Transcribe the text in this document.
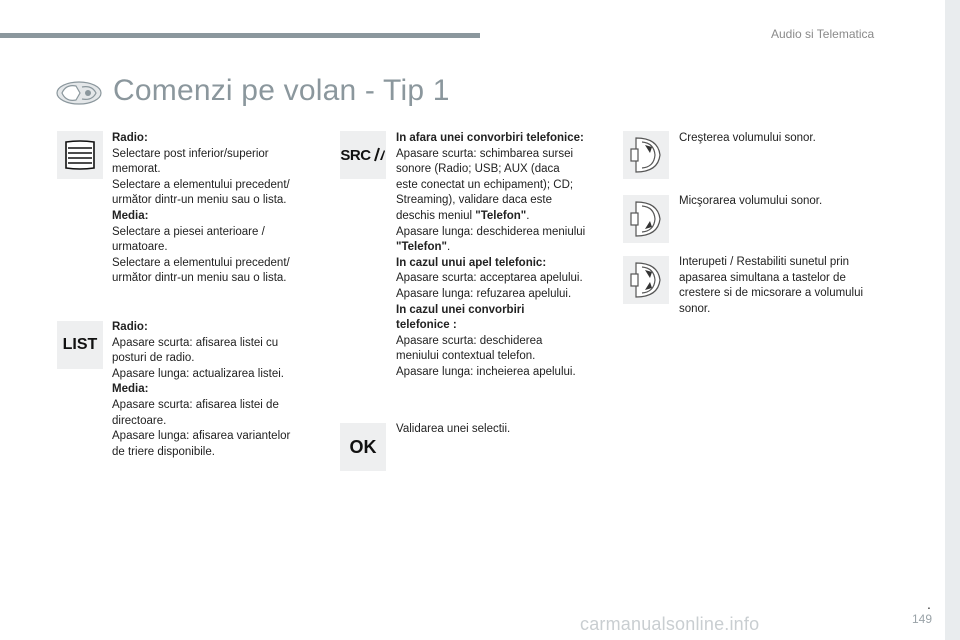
Audio si Telematica
.
149
carmanualsonline.info
Comenzi pe volan - Tip 1

Radio:

Selectare post inferior/superior

memorat.

Selectare a elementului precedent/

următor dintr-un meniu sau o lista.

Media:

Selectare a piesei anterioare /

urmatoare.

Selectare a elementului precedent/

următor dintr-un meniu sau o lista.

LIST

Radio:

Apasare scurta: afisarea listei cu

posturi de radio.

Apasare lunga: actualizarea listei.

Media:

Apasare scurta: afisarea listei de

directoare.

Apasare lunga: afisarea variantelor

de triere disponibile.

SRC

In afara unei convorbiri telefonice:

Apasare scurta: schimbarea sursei

sonore (Radio; USB; AUX (daca

este conectat un echipament); CD;

Streaming), validare daca este

deschis meniul "Telefon".

Apasare lunga: deschiderea meniului

"Telefon".

In cazul unui apel telefonic:

Apasare scurta: acceptarea apelului.

Apasare lunga: refuzarea apelului.

In cazul unei convorbiri

telefonice :

Apasare scurta: deschiderea

meniului contextual telefon.

Apasare lunga: incheierea apelului.

OK

Validarea unei selectii.

Creşterea volumului sonor.

Micşorarea volumului sonor.

Interupeti / Restabiliti sunetul prin

apasarea simultana a tastelor de

crestere si de micsorare a volumului

sonor.
